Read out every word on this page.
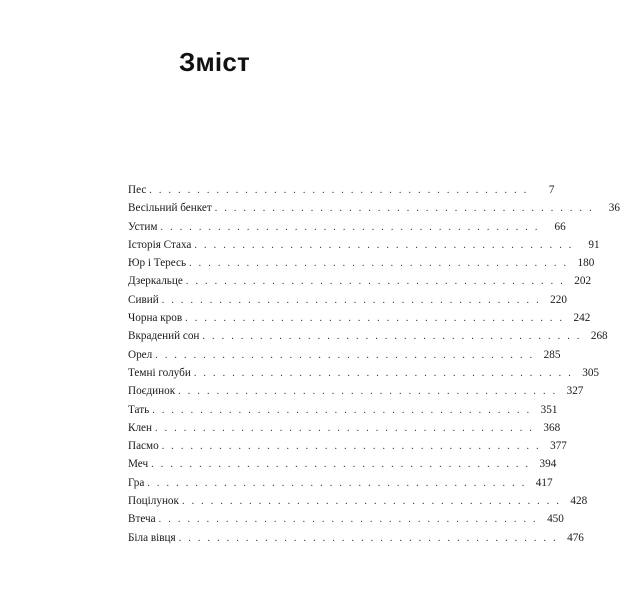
Зміст
Пес . . . . . . . . . . . . . . . . . . . . . . . . . . . . . . . . . . . . . . . .	7
Весільний бенкет . . . . . . . . . . . . . . . . . . . . . . . . . . . . . . . . . . . . . . . .	36
Устим . . . . . . . . . . . . . . . . . . . . . . . . . . . . . . . . . . . . . . . .	66
Історія Стаха . . . . . . . . . . . . . . . . . . . . . . . . . . . . . . . . . . . . . . . .	91
Юр і Тересь . . . . . . . . . . . . . . . . . . . . . . . . . . . . . . . . . . . . . . . . 180
Дзеркальце . . . . . . . . . . . . . . . . . . . . . . . . . . . . . . . . . . . . . . . . 202
Сивий . . . . . . . . . . . . . . . . . . . . . . . . . . . . . . . . . . . . . . . . 220
Чорна кров . . . . . . . . . . . . . . . . . . . . . . . . . . . . . . . . . . . . . . . . 242
Вкрадений сон . . . . . . . . . . . . . . . . . . . . . . . . . . . . . . . . . . . . . . . . 268
Орел . . . . . . . . . . . . . . . . . . . . . . . . . . . . . . . . . . . . . . . . 285
Темні голуби . . . . . . . . . . . . . . . . . . . . . . . . . . . . . . . . . . . . . . . . 305
Поєдинок . . . . . . . . . . . . . . . . . . . . . . . . . . . . . . . . . . . . . . . . 327
Тать . . . . . . . . . . . . . . . . . . . . . . . . . . . . . . . . . . . . . . . . 351
Клен . . . . . . . . . . . . . . . . . . . . . . . . . . . . . . . . . . . . . . . . 368
Пасмо . . . . . . . . . . . . . . . . . . . . . . . . . . . . . . . . . . . . . . . . 377
Меч . . . . . . . . . . . . . . . . . . . . . . . . . . . . . . . . . . . . . . . . 394
Гра . . . . . . . . . . . . . . . . . . . . . . . . . . . . . . . . . . . . . . . . 417
Поцілунок . . . . . . . . . . . . . . . . . . . . . . . . . . . . . . . . . . . . . . . . 428
Втеча . . . . . . . . . . . . . . . . . . . . . . . . . . . . . . . . . . . . . . . . 450
Біла вівця . . . . . . . . . . . . . . . . . . . . . . . . . . . . . . . . . . . . . . . . 476
